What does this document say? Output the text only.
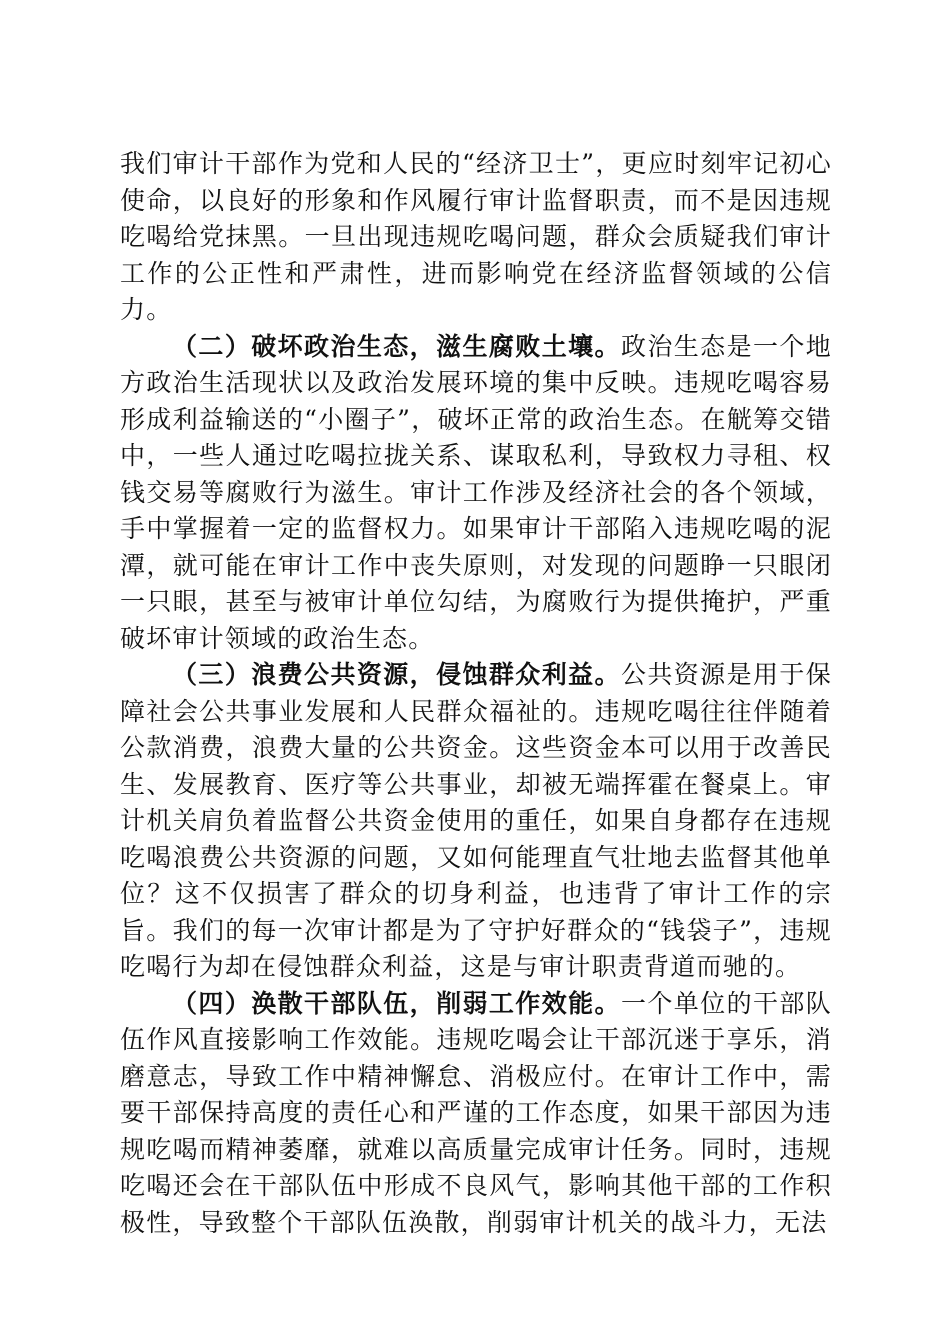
我们审计干部作为党和人民的“经济卫士”，更应时刻牢记初心使命，以良好的形象和作风履行审计监督职责，而不是因违规吃喝给党抹黑。一旦出现违规吃喝问题，群众会质疑我们审计工作的公正性和严肃性，进而影响党在经济监督领域的公信力。

（二）破坏政治生态，滋生腐败土壤。政治生态是一个地方政治生活现状以及政治发展环境的集中反映。违规吃喝容易形成利益输送的“小圈子”，破坏正常的政治生态。在觥筹交错中，一些人通过吃喝拉拢关系、谋取私利，导致权力寻租、权钱交易等腐败行为滋生。审计工作涉及经济社会的各个领域，手中掌握着一定的监督权力。如果审计干部陷入违规吃喝的泥潭，就可能在审计工作中丧失原则，对发现的问题睁一只眼闭一只眼，甚至与被审计单位勾结，为腐败行为提供掩护，严重破坏审计领域的政治生态。

（三）浪费公共资源，侵蚀群众利益。公共资源是用于保障社会公共事业发展和人民群众福祉的。违规吃喝往往伴随着公款消费，浪费大量的公共资金。这些资金本可以用于改善民生、发展教育、医疗等公共事业，却被无端挥霍在餐桌上。审计机关肩负着监督公共资金使用的重任，如果自身都存在违规吃喝浪费公共资源的问题，又如何能理直气壮地去监督其他单位？这不仅损害了群众的切身利益，也违背了审计工作的宗旨。我们的每一次审计都是为了守护好群众的“钱袋子”，违规吃喝行为却在侵蚀群众利益，这是与审计职责背道而驰的。

（四）涣散干部队伍，削弱工作效能。一个单位的干部队伍作风直接影响工作效能。违规吃喝会让干部沉迷于享乐，消磨意志，导致工作中精神懈怠、消极应付。在审计工作中，需要干部保持高度的责任心和严谨的工作态度，如果干部因为违规吃喝而精神萎靡，就难以高质量完成审计任务。同时，违规吃喝还会在干部队伍中形成不良风气，影响其他干部的工作积极性，导致整个干部队伍涣散，削弱审计机关的战斗力，无法
